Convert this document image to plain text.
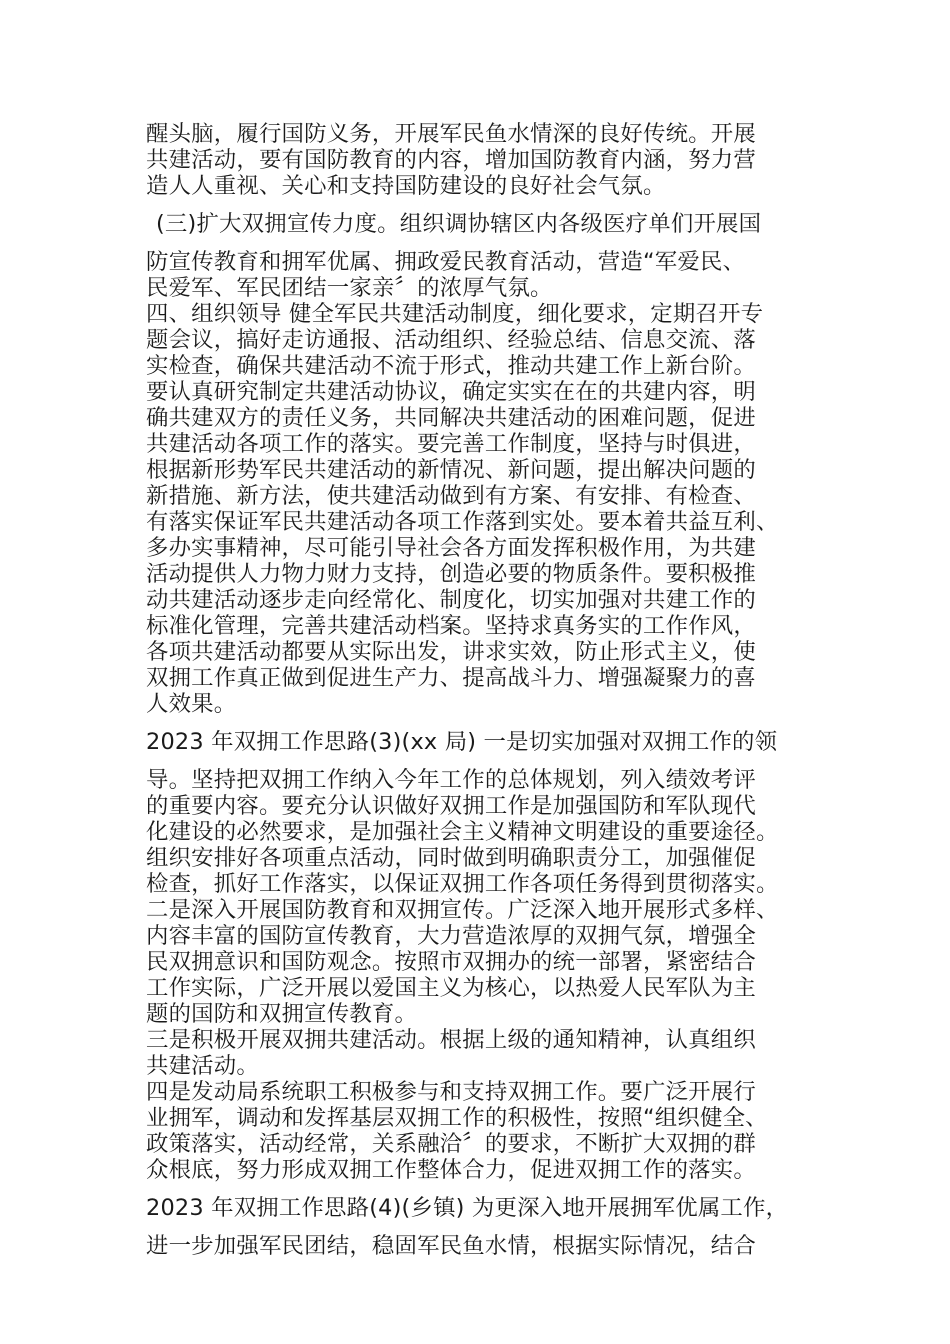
醒头脑，履行国防义务，开展军民鱼水情深的良好传统。开展
共建活动，要有国防教育的内容，增加国防教育内涵，努力营
造人人重视、关心和支持国防建设的良好社会气氛。
(三)扩大双拥宣传力度。组织调协辖区内各级医疗单们开展国
防宣传教育和拥军优属、拥政爱民教育活动，营造“军爱民、
民爱军、军民团结一家亲〞的浓厚气氛。
四、组织领导 健全军民共建活动制度，细化要求，定期召开专
题会议，搞好走访通报、活动组织、经验总结、信息交流、落
实检查，确保共建活动不流于形式，推动共建工作上新台阶。
要认真研究制定共建活动协议，确定实实在在的共建内容，明
确共建双方的责任义务，共同解决共建活动的困难问题，促进
共建活动各项工作的落实。要完善工作制度，坚持与时俱进，
根据新形势军民共建活动的新情况、新问题，提出解决问题的
新措施、新方法，使共建活动做到有方案、有安排、有检查、
有落实保证军民共建活动各项工作落到实处。要本着共益互利、
多办实事精神，尽可能引导社会各方面发挥积极作用，为共建
活动提供人力物力财力支持，创造必要的物质条件。要积极推
动共建活动逐步走向经常化、制度化，切实加强对共建工作的
标准化管理，完善共建活动档案。坚持求真务实的工作作风，
各项共建活动都要从实际出发，讲求实效，防止形式主义，使
双拥工作真正做到促进生产力、提高战斗力、增强凝聚力的喜
人效果。
2023 年双拥工作思路(3)(xx 局) 一是切实加强对双拥工作的领
导。坚持把双拥工作纳入今年工作的总体规划，列入绩效考评
的重要内容。要充分认识做好双拥工作是加强国防和军队现代
化建设的必然要求，是加强社会主义精神文明建设的重要途径。
组织安排好各项重点活动，同时做到明确职责分工，加强催促
检查，抓好工作落实，以保证双拥工作各项任务得到贯彻落实。
二是深入开展国防教育和双拥宣传。广泛深入地开展形式多样、
内容丰富的国防宣传教育，大力营造浓厚的双拥气氛，增强全
民双拥意识和国防观念。按照市双拥办的统一部署，紧密结合
工作实际，广泛开展以爱国主义为核心，以热爱人民军队为主
题的国防和双拥宣传教育。
三是积极开展双拥共建活动。根据上级的通知精神，认真组织
共建活动。
四是发动局系统职工积极参与和支持双拥工作。要广泛开展行
业拥军，调动和发挥基层双拥工作的积极性，按照“组织健全、
政策落实，活动经常，关系融洽〞的要求，不断扩大双拥的群
众根底，努力形成双拥工作整体合力，促进双拥工作的落实。
2023 年双拥工作思路(4)(乡镇) 为更深入地开展拥军优属工作，
进一步加强军民团结，稳固军民鱼水情，根据实际情况，结合
